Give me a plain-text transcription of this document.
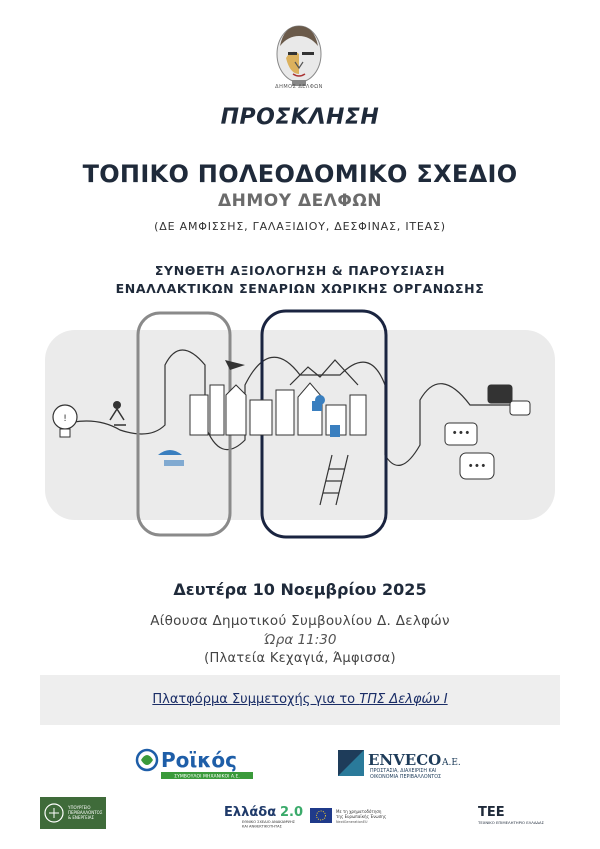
ΔΗΜΟΣ ΔΕΛΦΩΝ
ΠΡΟΣΚΛΗΣΗ
ΤΟΠΙΚΟ ΠΟΛΕΟΔΟΜΙΚΟ ΣΧΕΔΙΟ
ΔΗΜΟΥ ΔΕΛΦΩΝ
(ΔΕ ΑΜΦΙΣΣΗΣ, ΓΑΛΑΞΙΔΙΟΥ, ΔΕΣΦΙΝΑΣ, ΙΤΕΑΣ)
ΣΥΝΘΕΤΗ ΑΞΙΟΛΟΓΗΣΗ & ΠΑΡΟΥΣΙΑΣΗ
ΕΝΑΛΛΑΚΤΙΚΩΝ ΣΕΝΑΡΙΩΝ ΧΩΡΙΚΗΣ ΟΡΓΑΝΩΣΗΣ
!
• • •
• • •
Δευτέρα 10 Νοεμβρίου 2025
Αίθουσα Δημοτικού Συμβουλίου Δ. Δελφών
Ώρα 11:30
(Πλατεία Κεχαγιά, Άμφισσα)
Πλατφόρμα Συμμετοχής για το ΤΠΣ Δελφών Ι
Ροϊκός
ΣΥΜΒΟΥΛΟΙ ΜΗΧΑΝΙΚΟΙ Α.Ε.
ENVECO Α.Ε.
ΠΡΟΣΤΑΣΙΑ, ΔΙΑΧΕΙΡΙΣΗ ΚΑΙ
ΟΙΚΟΝΟΜΙΑ ΠΕΡΙΒΑΛΛΟΝΤΟΣ
ΥΠΟΥΡΓΕΙΟ
ΠΕΡΙΒΑΛΛΟΝΤΟΣ
& ΕΝΕΡΓΕΙΑΣ	Ελλάδα 2.0
ΕΘΝΙΚΟ ΣΧΕΔΙΟ ΑΝΑΚΑΜΨΗΣ
ΚΑΙ ΑΝΘΕΚΤΙΚΟΤΗΤΑΣ
Με τη χρηματοδότηση
της Ευρωπαϊκής Ένωσης
NextGenerationEU
ΤΕΕ
ΤΕΧΝΙΚΟ ΕΠΙΜΕΛΗΤΗΡΙΟ ΕΛΛΑΔΑΣ
